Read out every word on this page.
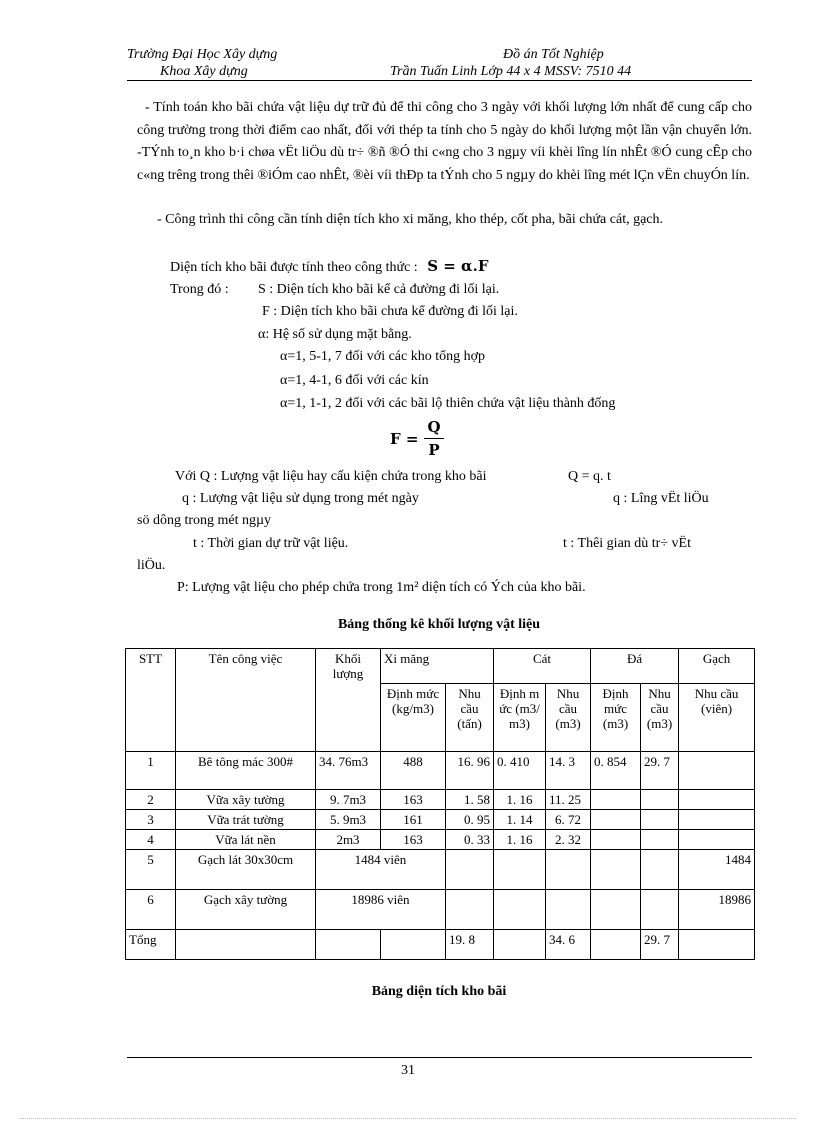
Trường Đại Học Xây dựng
Khoa Xây dựng
Đồ án Tốt Nghiệp
Trần Tuấn Linh Lớp 44 x 4 MSSV: 7510 44
- Tính toán kho bãi chứa vật liệu dự trữ đủ để thi công cho 3 ngày với khối lượng lớn nhất để cung cấp cho công trường trong thời điểm cao nhất, đối với thép ta tính cho 5 ngày do khối lượng một lần vận chuyển lớn. -TÝnh to¸n kho b·i chøa vËt liÖu dù tr÷ ®ñ ®Ó thi c«ng cho 3 ngµy víi khèi lîng lín nhÊt ®Ó cung cÊp cho c«ng trêng trong thêi ®iÓm cao nhÊt, ®èi víi thÐp ta tÝnh cho 5 ngµy do khèi lîng mét lÇn vËn chuyÓn lín.
- Công trình thi công cần tính diện tích kho xi măng, kho thép, cốt pha, bãi chứa cát, gạch.
Diện tích kho bãi được tính theo công thức : S = α.F
Trong đó : S : Diện tích kho bãi kể cả đường đi lối lại.
F : Diện tích kho bãi chưa kể đường đi lối lại.
α: Hệ số sử dụng mặt bằng.
α=1, 5-1, 7 đối với các kho tổng hợp
α=1, 4-1, 6 đối với các kín
α=1, 1-1, 2 đối với các bãi lộ thiên chứa vật liệu thành đống
$F = \frac{Q}{P}$
Với Q : Lượng vật liệu hay cấu kiện chứa trong kho bãi	Q = q. t
q : Lượng vật liệu sử dụng trong mét ngày	q : Lîng vËt liÖu
sö dông trong mét ngµy
t : Thời gian dự trữ vật liệu.	t : Thêi gian dù tr÷ vËt
liÖu.
P: Lượng vật liệu cho phép chứa trong 1m² diện tích có Ých của kho bãi.
Bảng thống kê khối lượng vật liệu
STT	Tên công việc	Khối lượng	Xi măng		Cát		Đá		Gạch
			Định mức (kg/m3)	Nhu cầu (tấn)	Định mức (m3/m3)	Nhu cầu (m3)	Định mức (m3)	Nhu cầu (m3)	Nhu cầu (viên)
1	Bê tông mác 300#	34. 76m3	488	16. 96	0. 410	14. 3	0. 854	29. 7	
2	Vữa xây tường	9. 7m3	163	1. 58	1. 16	11. 25			
3	Vữa trát tường	5. 9m3	161	0. 95	1. 14	6. 72			
4	Vữa lát nền	2m3	163	0. 33	1. 16	2. 32			
5	Gạch lát 30x30cm	1484 viên							1484
6	Gạch xây tường	18986 viên							18986
Tổng				19. 8		34. 6		29. 7	
Bảng diện tích kho bãi
31
